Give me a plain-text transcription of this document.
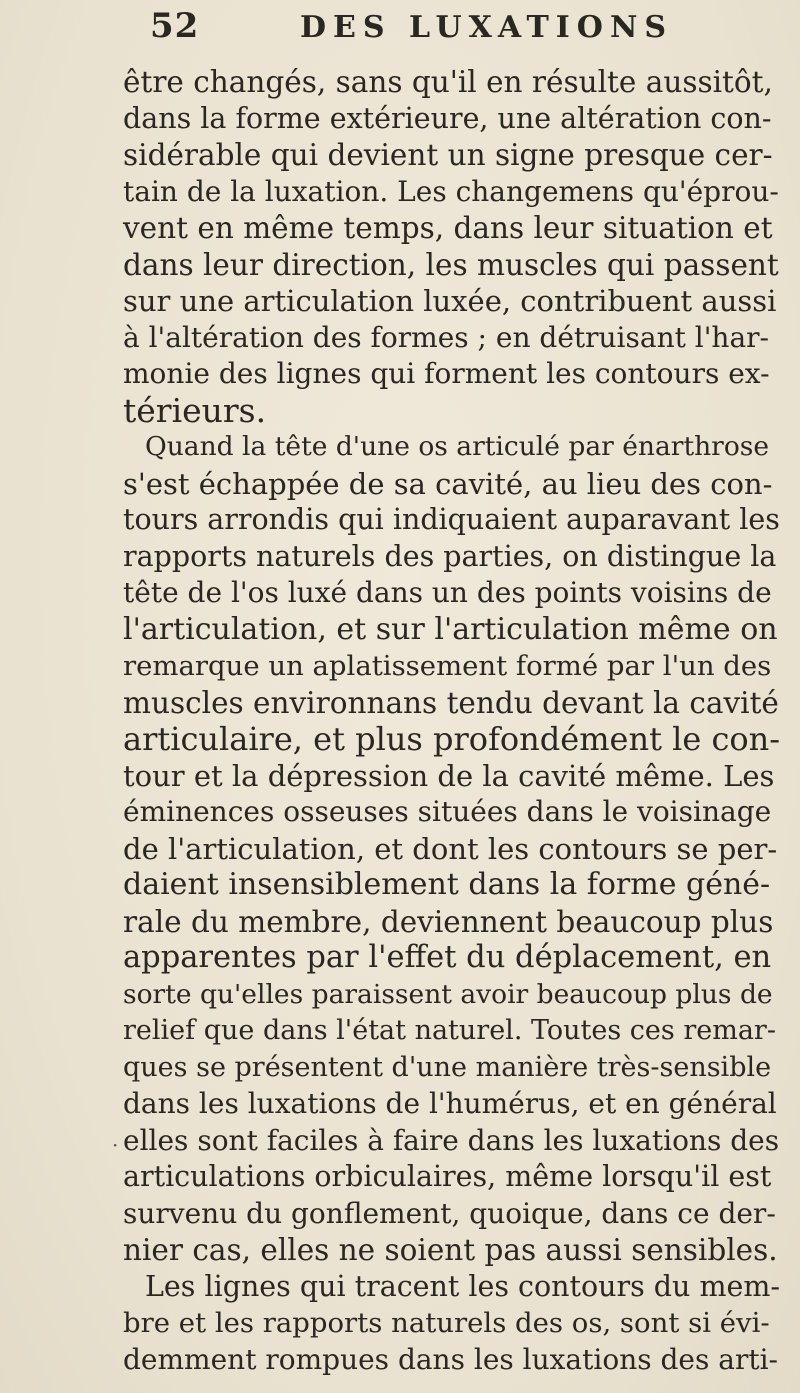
52	DES LUXATIONS
être changés, sans qu'il en résulte aussitôt,
dans la forme extérieure, une altération con-
sidérable qui devient un signe presque cer-
tain de la luxation. Les changemens qu'éprou-
vent en même temps, dans leur situation et
dans leur direction, les muscles qui passent
sur une articulation luxée, contribuent aussi
à l'altération des formes ; en détruisant l'har-
monie des lignes qui forment les contours ex-
térieurs.
Quand la tête d'une os articulé par énarthrose
s'est échappée de sa cavité, au lieu des con-
tours arrondis qui indiquaient auparavant les
rapports naturels des parties, on distingue la
tête de l'os luxé dans un des points voisins de
l'articulation, et sur l'articulation même on
remarque un aplatissement formé par l'un des
muscles environnans tendu devant la cavité
articulaire, et plus profondément le con-
tour et la dépression de la cavité même. Les
éminences osseuses situées dans le voisinage
de l'articulation, et dont les contours se per-
daient insensiblement dans la forme géné-
rale du membre, deviennent beaucoup plus
apparentes par l'effet du déplacement, en
sorte qu'elles paraissent avoir beaucoup plus de
relief que dans l'état naturel. Toutes ces remar-
ques se présentent d'une manière très-sensible
dans les luxations de l'humérus, et en général
elles sont faciles à faire dans les luxations des
articulations orbiculaires, même lorsqu'il est
survenu du gonflement, quoique, dans ce der-
nier cas, elles ne soient pas aussi sensibles.
Les lignes qui tracent les contours du mem-
bre et les rapports naturels des os, sont si évi-
demment rompues dans les luxations des arti-
·
